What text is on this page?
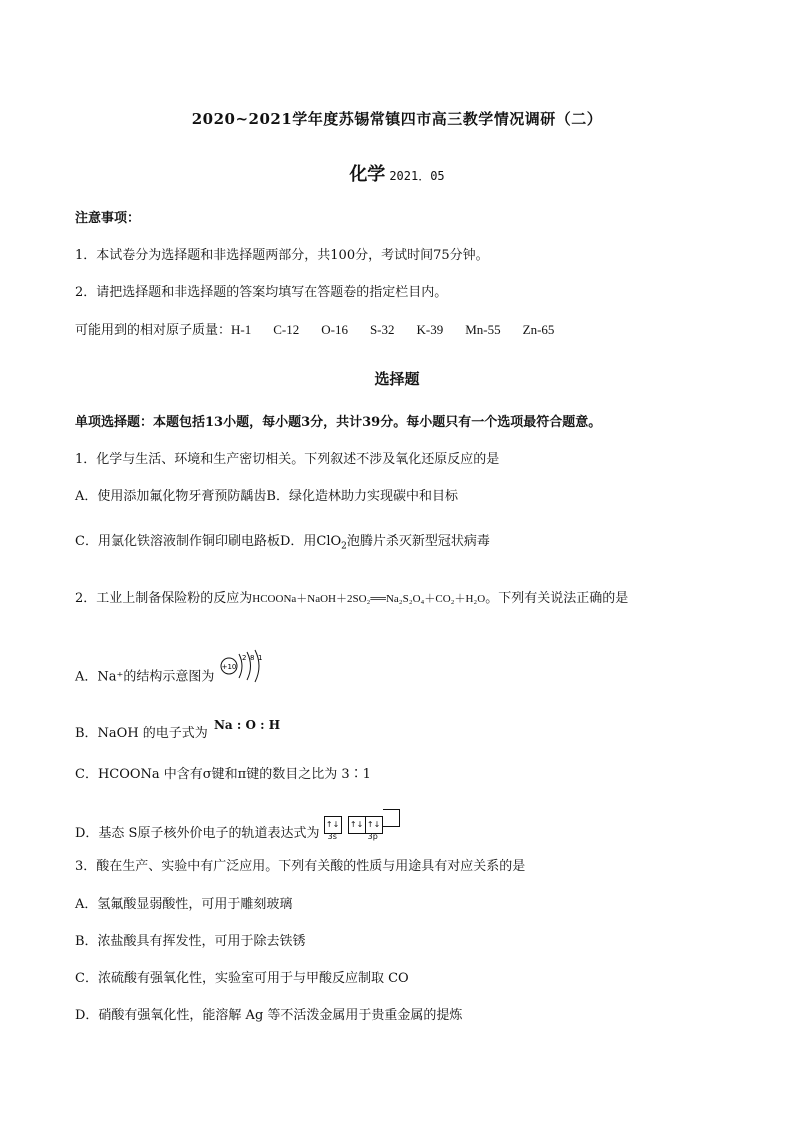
2020~2021学年度苏锡常镇四市高三教学情况调研（二）
化学 2021．05
注意事项：
1．本试卷分为选择题和非选择题两部分，共100分，考试时间75分钟。
2．请把选择题和非选择题的答案均填写在答题卷的指定栏目内。
可能用到的相对原子质量：H-1 C-12 O-16 S-32 K-39 Mn-55 Zn-65
选择题
单项选择题：本题包括13小题，每小题3分，共计39分。每小题只有一个选项最符合题意。
1．化学与生活、环境和生产密切相关。下列叙述不涉及氧化还原反应的是
A．使用添加氟化物牙膏预防龋齿B．绿化造林助力实现碳中和目标
C．用氯化铁溶液制作铜印刷电路板D．用ClO$_2$泡腾片杀灭新型冠状病毒
2．工业上制备保险粉的反应为HCOONa＋NaOH＋2SO₂══Na₂S₂O₄＋CO₂＋H₂O。下列有关说法正确的是
A．Na⁺的结构示意图为
+10
2 8 1
B．NaOH 的电子式为 Na : O : H
C．HCOONa 中含有σ键和π键的数目之比为 3∶1
D．基态 S原子核外价电子的轨道表达式为 ↑↓ ↑↓ ↑↓
3s	3p
3．酸在生产、实验中有广泛应用。下列有关酸的性质与用途具有对应关系的是
A．氢氟酸显弱酸性，可用于雕刻玻璃
B．浓盐酸具有挥发性，可用于除去铁锈
C．浓硫酸有强氧化性，实验室可用于与甲酸反应制取 CO
D．硝酸有强氧化性，能溶解 Ag 等不活泼金属用于贵重金属的提炼
